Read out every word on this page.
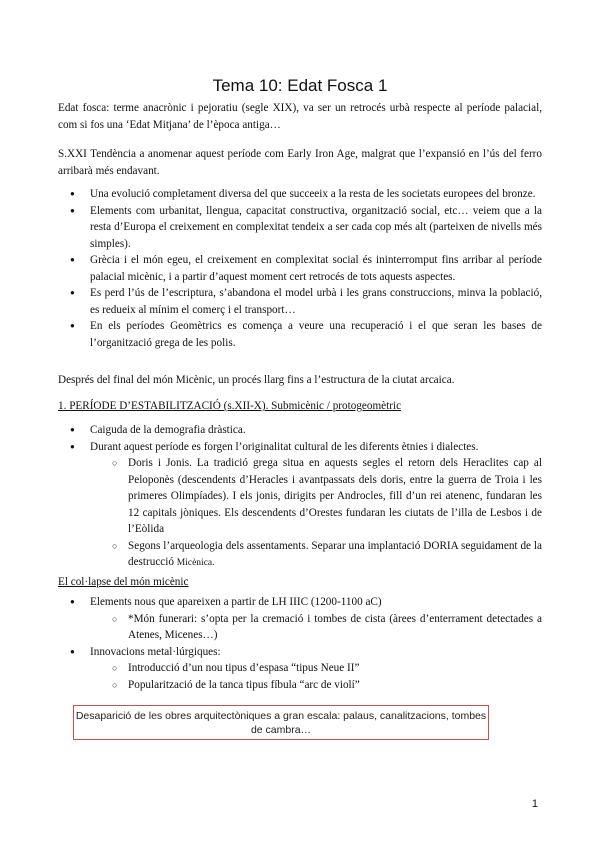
Tema 10: Edat Fosca 1
Edat fosca: terme anacrònic i pejoratiu (segle XIX), va ser un retrocés urbà respecte al període palacial, com si fos una ‘Edat Mitjana’ de l’època antiga…
S.XXI Tendència a anomenar aquest període com Early Iron Age, malgrat que l’expansió en l’ús del ferro arribarà més endavant.
● Una evolució completament diversa del que succeeix a la resta de les societats europees del bronze.
● Elements com urbanitat, llengua, capacitat constructiva, organització social, etc… veiem que a la resta d’Europa el creixement en complexitat tendeix a ser cada cop més alt (parteixen de nivells més simples).
● Grècia i el món egeu, el creixement en complexitat social és ininterromput fins arribar al període palacial micènic, i a partir d’aquest moment cert retrocés de tots aquests aspectes.
● Es perd l’ús de l’escriptura, s’abandona el model urbà i les grans construccions, minva la població, es redueix al mínim el comerç i el transport…
● En els períodes Geomètrics es comença a veure una recuperació i el que seran les bases de l’organització grega de les polis.
Després del final del món Micènic, un procés llarg fins a l’estructura de la ciutat arcaica.
1. PERÍODE D’ESTABILITZACIÓ (s.XII-X). Submicènic / protogeomètric
● Caiguda de la demografia dràstica.
● Durant aquest període es forgen l’originalitat cultural de les diferents ètnies i dialectes.
○ Doris i Jonis. La tradició grega situa en aquests segles el retorn dels Heraclites cap al Peloponès (descendents d’Heracles i avantpassats dels doris, entre la guerra de Troia i les primeres Olimpíades). I els jonis, dirigits per Androcles, fill d’un rei atenenc, fundaran les 12 capitals jòniques. Els descendents d’Orestes fundaran les ciutats de l’illa de Lesbos i de l’Eòlida
○ Segons l’arqueologia dels assentaments. Separar una implantació DORIA seguidament de la destrucció Micènica.
El col·lapse del món micènic
● Elements nous que apareixen a partir de LH IIIC (1200-1100 aC)
○ *Món funerari: s’opta per la cremació i tombes de cista (àrees d’enterrament detectades a Atenes, Micenes…)
● Innovacions metal·lúrgiques:
○ Introducció d’un nou tipus d’espasa “tipus Neue II”
○ Popularització de la tanca tipus fíbula “arc de violí”
Desaparició de les obres arquitectòniques a gran escala: palaus, canalitzacions, tombes de cambra…
1
